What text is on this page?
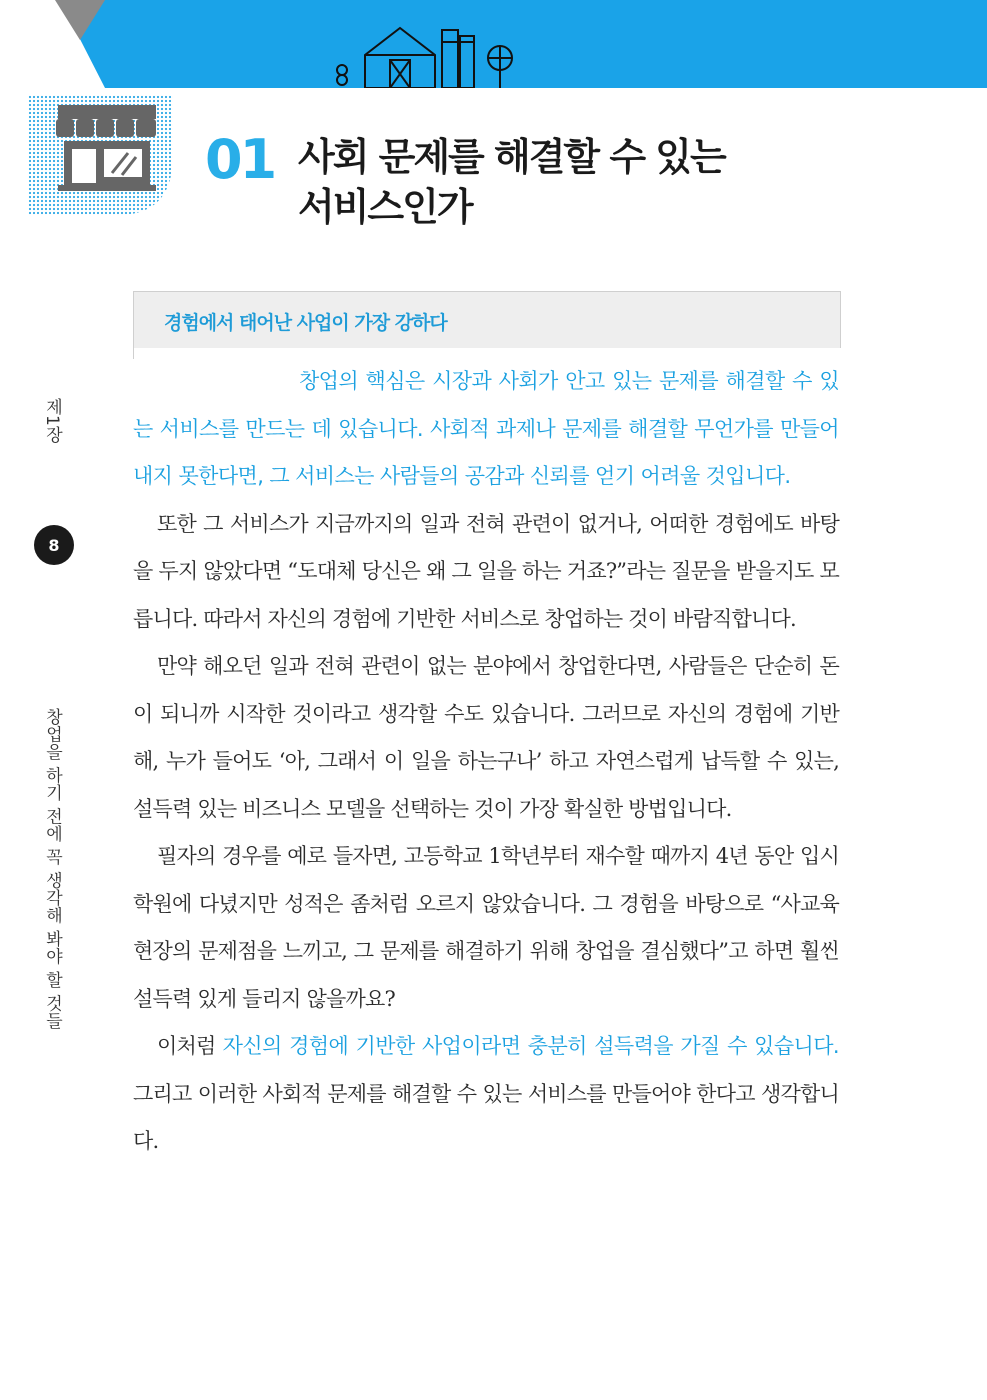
01 사회 문제를 해결할 수 있는
서비스인가
경험에서 태어난 사업이 가장 강하다
제1장
8
창업을 하기 전에 꼭 생각해 봐야 할 것들

창업의 핵심은 시장과 사회가 안고 있는 문제를 해결할 수 있는 서비스를 만드는 데 있습니다. 사회적 과제나 문제를 해결할 무언가를 만들어내지 못한다면, 그 서비스는 사람들의 공감과 신뢰를 얻기 어려울 것입니다.

또한 그 서비스가 지금까지의 일과 전혀 관련이 없거나, 어떠한 경험에도 바탕을 두지 않았다면 “도대체 당신은 왜 그 일을 하는 거죠?”라는 질문을 받을지도 모릅니다. 따라서 자신의 경험에 기반한 서비스로 창업하는 것이 바람직합니다.

만약 해오던 일과 전혀 관련이 없는 분야에서 창업한다면, 사람들은 단순히 돈이 되니까 시작한 것이라고 생각할 수도 있습니다. 그러므로 자신의 경험에 기반해, 누가 들어도 ‘아, 그래서 이 일을 하는구나’ 하고 자연스럽게 납득할 수 있는, 설득력 있는 비즈니스 모델을 선택하는 것이 가장 확실한 방법입니다.

필자의 경우를 예로 들자면, 고등학교 1학년부터 재수할 때까지 4년 동안 입시 학원에 다녔지만 성적은 좀처럼 오르지 않았습니다. 그 경험을 바탕으로 “사교육 현장의 문제점을 느끼고, 그 문제를 해결하기 위해 창업을 결심했다”고 하면 훨씬 설득력 있게 들리지 않을까요?

이처럼 자신의 경험에 기반한 사업이라면 충분히 설득력을 가질 수 있습니다. 그리고 이러한 사회적 문제를 해결할 수 있는 서비스를 만들어야 한다고 생각합니다.
